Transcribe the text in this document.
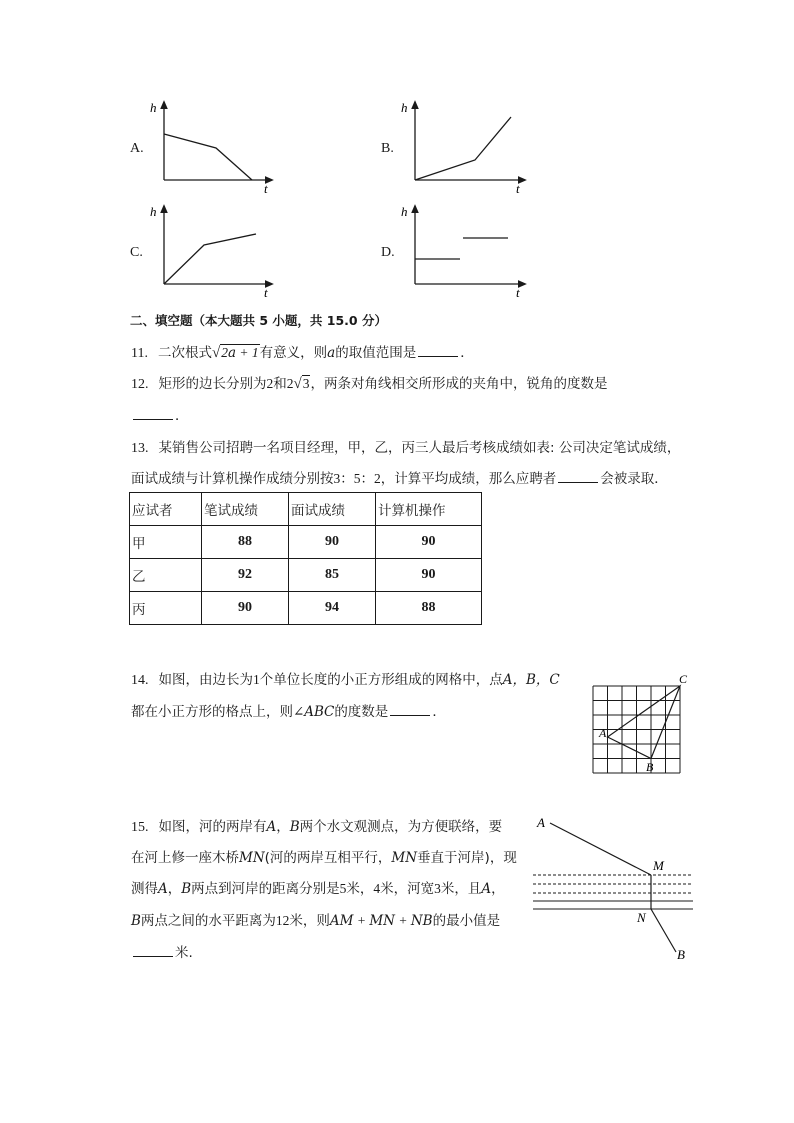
A.
h
t
B.
h
t
C.
h
t
D.
h
t
二、填空题（本大题共 5 小题，共 15.0 分）
11. 二次根式√2𝑎 + 1有意义，则𝑎的取值范围是	．
12. 矩形的边长分别为2和2√3，两条对角线相交所形成的夹角中，锐角的度数是
．
13. 某销售公司招聘一名项目经理，甲，乙，丙三人最后考核成绩如表: 公司决定笔试成绩，
面试成绩与计算机操作成绩分别按3：5：2，计算平均成绩，那么应聘者	会被录取．
应试者	笔试成绩	面试成绩	计算机操作
甲	88	90	90
乙	92	85	90
丙	90	94	88
14. 如图，由边长为1个单位长度的小正方形组成的网格中，点𝐴，𝐵，𝐶
都在小正方形的格点上，则∠𝐴𝐵𝐶的度数是	．
A
B
C
15. 如图，河的两岸有𝐴，𝐵两个水文观测点，为方便联络，要
在河上修一座木桥𝑀𝑁(河的两岸互相平行，𝑀𝑁垂直于河岸)，现
测得𝐴，𝐵两点到河岸的距离分别是5米，4米，河宽3米，且𝐴，
𝐵两点之间的水平距离为12米，则𝐴𝑀 + 𝑀𝑁 + 𝑁𝐵的最小值是
米.
A
M
N
B
